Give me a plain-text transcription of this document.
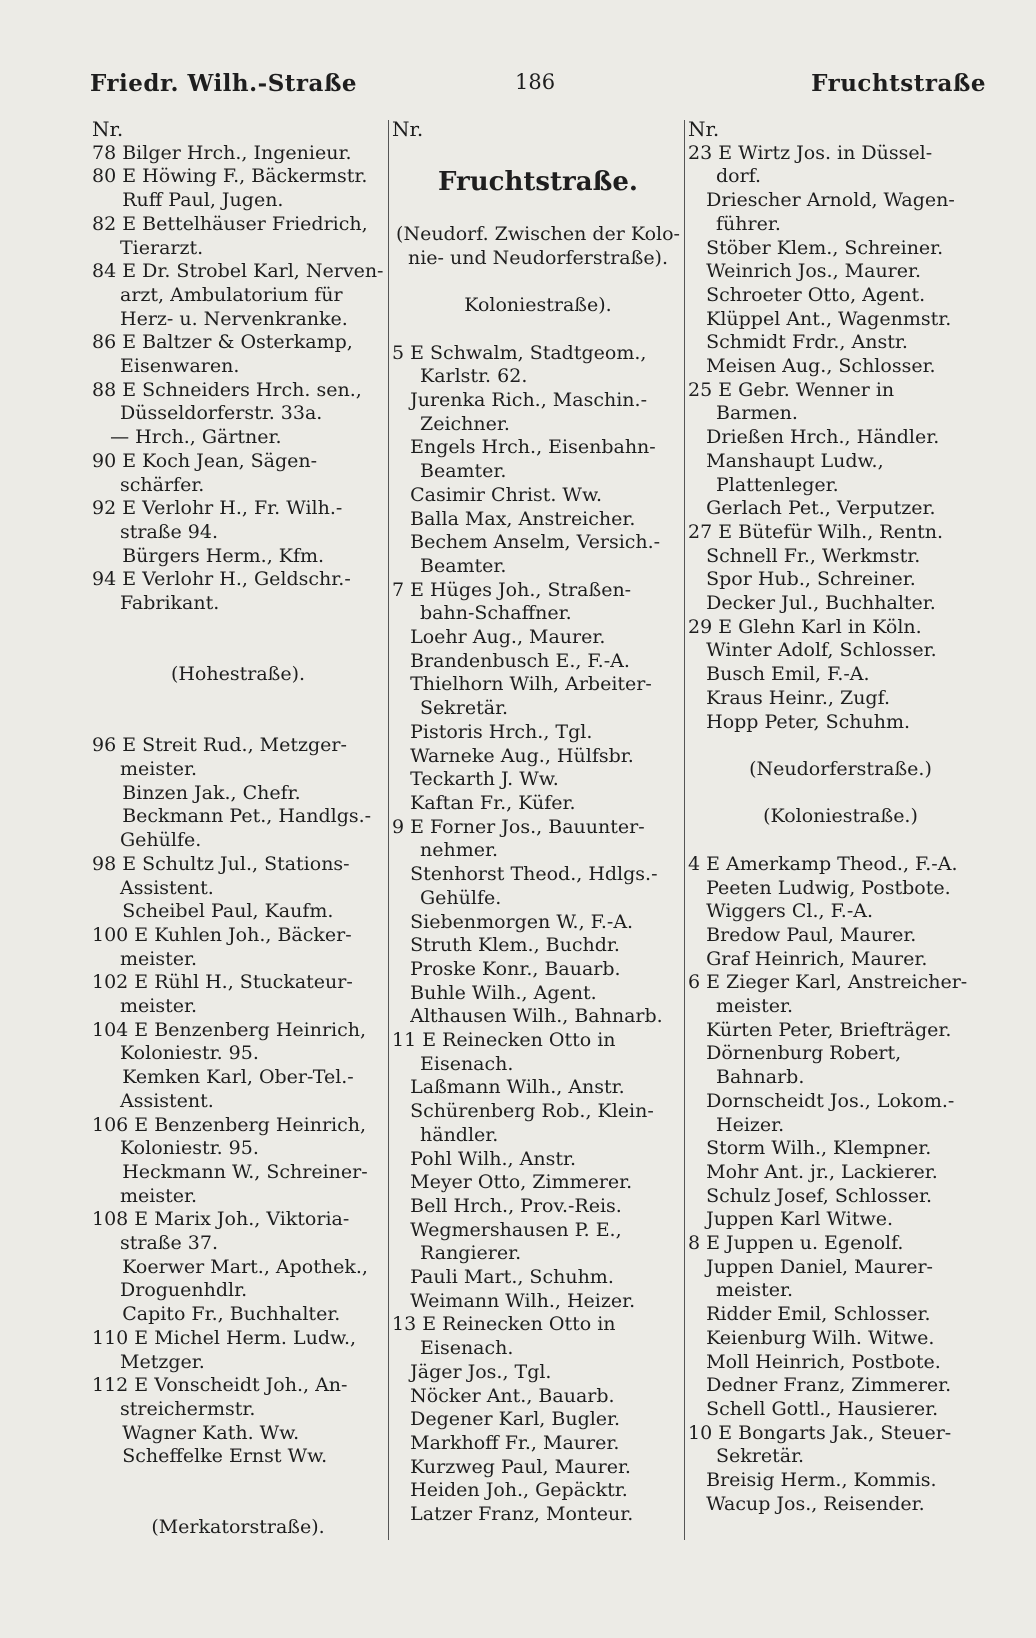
Friedr. Wilh.-Straße	186	Fruchtstraße
Nr.
78 Bilger Hrch., Ingenieur.
80 E Höwing F., Bäckermstr.
Ruff Paul, Jugen.
82 E Bettelhäuser Friedrich,
Tierarzt.
84 E Dr. Strobel Karl, Nerven-
arzt, Ambulatorium für
Herz- u. Nervenkranke.
86 E Baltzer & Osterkamp,
Eisenwaren.
88 E Schneiders Hrch. sen.,
Düsseldorferstr. 33a.
— Hrch., Gärtner.
90 E Koch Jean, Sägen-
schärfer.
92 E Verlohr H., Fr. Wilh.-
straße 94.
Bürgers Herm., Kfm.
94 E Verlohr H., Geldschr.-
Fabrikant.

(Hohestraße).

96 E Streit Rud., Metzger-
meister.
Binzen Jak., Chefr.
Beckmann Pet., Handlgs.-
Gehülfe.
98 E Schultz Jul., Stations-
Assistent.
Scheibel Paul, Kaufm.
100 E Kuhlen Joh., Bäcker-
meister.
102 E Rühl H., Stuckateur-
meister.
104 E Benzenberg Heinrich,
Koloniestr. 95.
Kemken Karl, Ober-Tel.-
Assistent.
106 E Benzenberg Heinrich,
Koloniestr. 95.
Heckmann W., Schreiner-
meister.
108 E Marix Joh., Viktoria-
straße 37.
Koerwer Mart., Apothek.,
Droguenhdlr.
Capito Fr., Buchhalter.
110 E Michel Herm. Ludw.,
Metzger.
112 E Vonscheidt Joh., An-
streichermstr.
Wagner Kath. Ww.
Scheffelke Ernst Ww.

(Merkatorstraße).
Nr.

Fruchtstraße.

(Neudorf. Zwischen der Kolo-
nie- und Neudorferstraße).

Koloniestraße).

5 E Schwalm, Stadtgeom.,
Karlstr. 62.
Jurenka Rich., Maschin.-
Zeichner.
Engels Hrch., Eisenbahn-
Beamter.
Casimir Christ. Ww.
Balla Max, Anstreicher.
Bechem Anselm, Versich.-
Beamter.
7 E Hüges Joh., Straßen-
bahn-Schaffner.
Loehr Aug., Maurer.
Brandenbusch E., F.-A.
Thielhorn Wilh, Arbeiter-
Sekretär.
Pistoris Hrch., Tgl.
Warneke Aug., Hülfsbr.
Teckarth J. Ww.
Kaftan Fr., Küfer.
9 E Forner Jos., Bauunter-
nehmer.
Stenhorst Theod., Hdlgs.-
Gehülfe.
Siebenmorgen W., F.-A.
Struth Klem., Buchdr.
Proske Konr., Bauarb.
Buhle Wilh., Agent.
Althausen Wilh., Bahnarb.
11 E Reinecken Otto in
Eisenach.
Laßmann Wilh., Anstr.
Schürenberg Rob., Klein-
händler.
Pohl Wilh., Anstr.
Meyer Otto, Zimmerer.
Bell Hrch., Prov.-Reis.
Wegmershausen P. E.,
Rangierer.
Pauli Mart., Schuhm.
Weimann Wilh., Heizer.
13 E Reinecken Otto in
Eisenach.
Jäger Jos., Tgl.
Nöcker Ant., Bauarb.
Degener Karl, Bugler.
Markhoff Fr., Maurer.
Kurzweg Paul, Maurer.
Heiden Joh., Gepäcktr.
Latzer Franz, Monteur.
Nr.
23 E Wirtz Jos. in Düssel-
dorf.
Driescher Arnold, Wagen-
führer.
Stöber Klem., Schreiner.
Weinrich Jos., Maurer.
Schroeter Otto, Agent.
Klüppel Ant., Wagenmstr.
Schmidt Frdr., Anstr.
Meisen Aug., Schlosser.
25 E Gebr. Wenner in
Barmen.
Drießen Hrch., Händler.
Manshaupt Ludw.,
Plattenleger.
Gerlach Pet., Verputzer.
27 E Bütefür Wilh., Rentn.
Schnell Fr., Werkmstr.
Spor Hub., Schreiner.
Decker Jul., Buchhalter.
29 E Glehn Karl in Köln.
Winter Adolf, Schlosser.
Busch Emil, F.-A.
Kraus Heinr., Zugf.
Hopp Peter, Schuhm.

(Neudorferstraße.)

(Koloniestraße.)

4 E Amerkamp Theod., F.-A.
Peeten Ludwig, Postbote.
Wiggers Cl., F.-A.
Bredow Paul, Maurer.
Graf Heinrich, Maurer.
6 E Zieger Karl, Anstreicher-
meister.
Kürten Peter, Briefträger.
Dörnenburg Robert,
Bahnarb.
Dornscheidt Jos., Lokom.-
Heizer.
Storm Wilh., Klempner.
Mohr Ant. jr., Lackierer.
Schulz Josef, Schlosser.
Juppen Karl Witwe.
8 E Juppen u. Egenolf.
Juppen Daniel, Maurer-
meister.
Ridder Emil, Schlosser.
Keienburg Wilh. Witwe.
Moll Heinrich, Postbote.
Dedner Franz, Zimmerer.
Schell Gottl., Hausierer.
10 E Bongarts Jak., Steuer-
Sekretär.
Breisig Herm., Kommis.
Wacup Jos., Reisender.
